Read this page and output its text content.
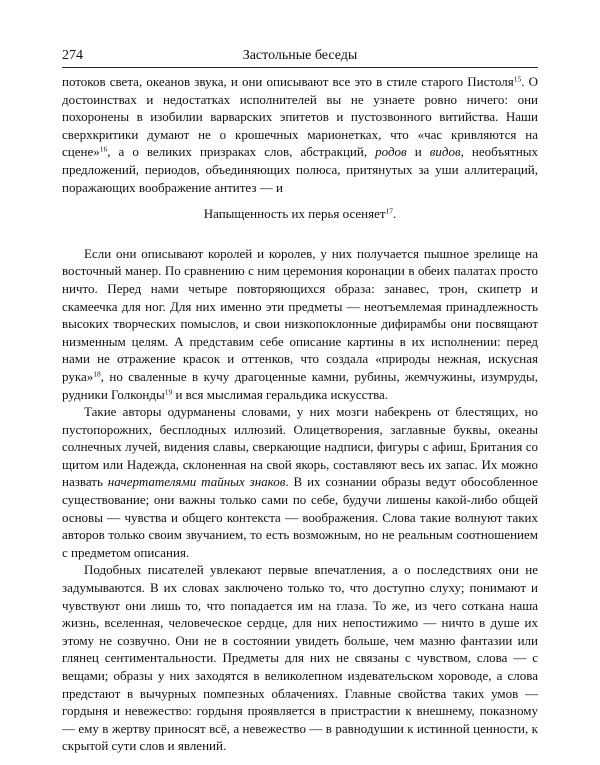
274	Застольные беседы

потоков света, океанов звука, и они описывают все это в стиле старого Пистоля$^{15}$. О достоинствах и недостатках исполнителей вы не узнаете ровно ничего: они похоронены в изобилии варварских эпитетов и пустозвонного витийства. Наши сверхкритики думают не о крошечных марионетках, что «час кривляются на сцене»$^{16}$, а о великих призраках слов, абстракций, родов и видов, необъятных предложений, периодов, объединяющих полюса, притянутых за уши аллитераций, поражающих воображение антитез — и

Напыщенность их перья осеняет$^{17}$.

Если они описывают королей и королев, у них получается пышное зрелище на восточный манер. По сравнению с ним церемония коронации в обеих палатах просто ничто. Перед нами четыре повторяющихся образа: занавес, трон, скипетр и скамеечка для ног. Для них именно эти предметы — неотъемлемая принадлежность высоких творческих помыслов, и свои низкопоклонные дифирамбы они посвящают низменным целям. А представим себе описание картины в их исполнении: перед нами не отражение красок и оттенков, что создала «природы нежная, искусная рука»$^{18}$, но сваленные в кучу драгоценные камни, рубины, жемчужины, изумруды, рудники Голконды$^{19}$ и вся мыслимая геральдика искусства.

Такие авторы одурманены словами, у них мозги набекрень от блестящих, но пустопорожних, бесплодных иллюзий. Олицетворения, заглавные буквы, океаны солнечных лучей, видения славы, сверкающие надписи, фигуры с афиш, Британия со щитом или Надежда, склоненная на свой якорь, составляют весь их запас. Их можно назвать начертателями тайных знаков. В их сознании образы ведут обособленное существование; они важны только сами по себе, будучи лишены какой-либо общей основы — чувства и общего контекста — воображения. Слова такие волнуют таких авторов только своим звучанием, то есть возможным, но не реальным соотношением с предметом описания.

Подобных писателей увлекают первые впечатления, а о последствиях они не задумываются. В их словах заключено только то, что доступно слуху; понимают и чувствуют они лишь то, что попадается им на глаза. То же, из чего соткана наша жизнь, вселенная, человеческое сердце, для них непостижимо — ничто в душе их этому не созвучно. Они не в состоянии увидеть больше, чем мазню фантазии или глянец сентиментальности. Предметы для них не связаны с чувством, слова — с вещами; образы у них заходятся в великолепном издевательском хороводе, а слова предстают в вычурных помпезных облачениях. Главные свойства таких умов — гордыня и невежество: гордыня проявляется в пристрастии к внешнему, показному — ему в жертву приносят всё, а невежество — в равнодушии к истинной ценности, к скрытой сути слов и явлений.
